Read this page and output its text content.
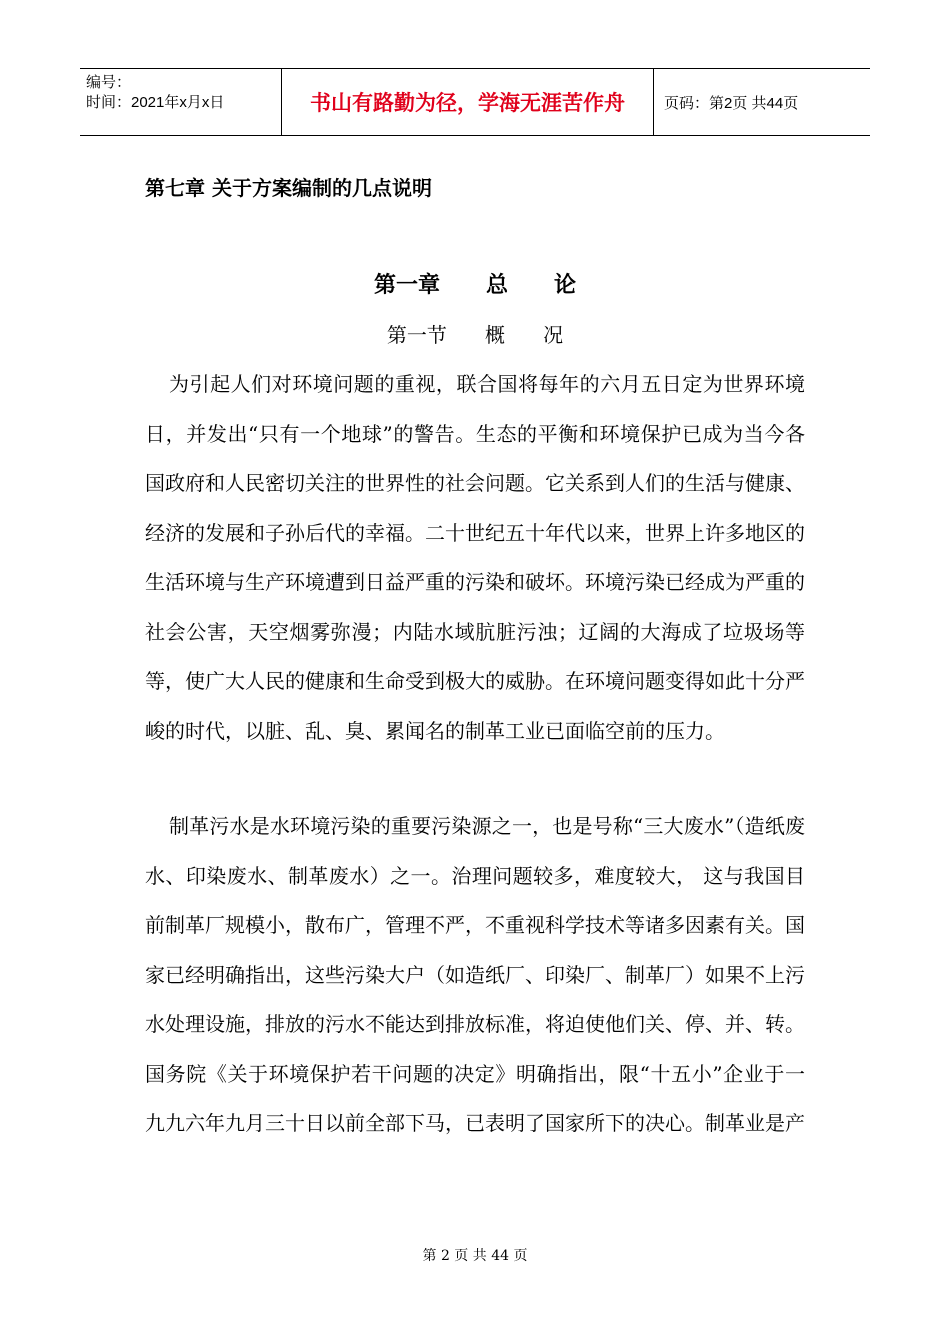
编号：
时间：2021年x月x日	书山有路勤为径，学海无涯苦作舟	页码：第2页 共44页
第七章 关于方案编制的几点说明
第一章      总      论
第一节      概      况

为引起人们对环境问题的重视，联合国将每年的六月五日定为世界环境日，并发出“只有一个地球”的警告。生态的平衡和环境保护已成为当今各国政府和人民密切关注的世界性的社会问题。它关系到人们的生活与健康、经济的发展和子孙后代的幸福。二十世纪五十年代以来，世界上许多地区的生活环境与生产环境遭到日益严重的污染和破坏。环境污染已经成为严重的社会公害，天空烟雾弥漫；内陆水域肮脏污浊；辽阔的大海成了垃圾场等等，使广大人民的健康和生命受到极大的威胁。在环境问题变得如此十分严峻的时代，以脏、乱、臭、累闻名的制革工业已面临空前的压力。

制革污水是水环境污染的重要污染源之一，也是号称“三大废水”（造纸废水、印染废水、制革废水）之一。治理问题较多，难度较大， 这与我国目前制革厂规模小，散布广，管理不严，不重视科学技术等诸多因素有关。国家已经明确指出，这些污染大户（如造纸厂、印染厂、制革厂）如果不上污水处理设施，排放的污水不能达到排放标准，将迫使他们关、停、并、转。国务院《关于环境保护若干问题的决定》明确指出，限“十五小”企业于一九九六年九月三十日以前全部下马，已表明了国家所下的决心。制革业是产

第 2 页 共 44 页
